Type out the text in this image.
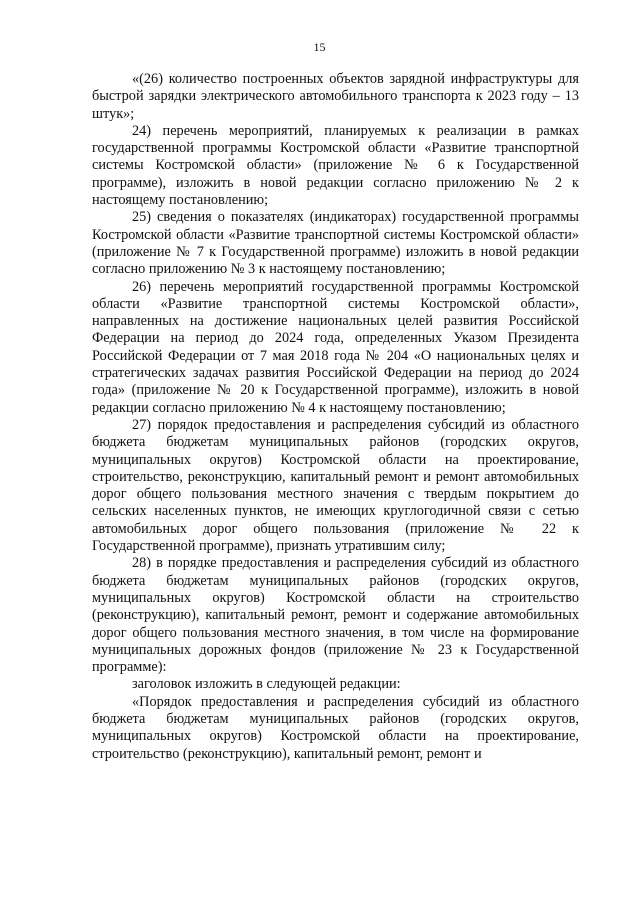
15

«(26) количество построенных объектов зарядной инфраструктуры для быстрой зарядки электрического автомобильного транспорта к 2023 году – 13 штук»;

24) перечень мероприятий, планируемых к реализации в рамках государственной программы Костромской области «Развитие транспортной системы Костромской области» (приложение № 6 к Государственной программе), изложить в новой редакции согласно приложению № 2 к настоящему постановлению;

25) сведения о показателях (индикаторах) государственной программы Костромской области «Развитие транспортной системы Костромской области» (приложение № 7 к Государственной программе) изложить в новой редакции согласно приложению № 3 к настоящему постановлению;

26) перечень мероприятий государственной программы Костромской области «Развитие транспортной системы Костромской области», направленных на достижение национальных целей развития Российской Федерации на период до 2024 года, определенных Указом Президента Российской Федерации от 7 мая 2018 года № 204 «О национальных целях и стратегических задачах развития Российской Федерации на период до 2024 года» (приложение № 20 к Государственной программе), изложить в новой редакции согласно приложению № 4 к настоящему постановлению;

27) порядок предоставления и распределения субсидий из областного бюджета бюджетам муниципальных районов (городских округов, муниципальных округов) Костромской области на проектирование, строительство, реконструкцию, капитальный ремонт и ремонт автомобильных дорог общего пользования местного значения с твердым покрытием до сельских населенных пунктов, не имеющих круглогодичной связи с сетью автомобильных дорог общего пользования (приложение № 22 к Государственной программе), признать утратившим силу;

28) в порядке предоставления и распределения субсидий из областного бюджета бюджетам муниципальных районов (городских округов, муниципальных округов) Костромской области на строительство (реконструкцию), капитальный ремонт, ремонт и содержание автомобильных дорог общего пользования местного значения, в том числе на формирование муниципальных дорожных фондов (приложение № 23 к Государственной программе):

заголовок изложить в следующей редакции:

«Порядок предоставления и распределения субсидий из областного бюджета бюджетам муниципальных районов (городских округов, муниципальных округов) Костромской области на проектирование, строительство (реконструкцию), капитальный ремонт, ремонт и
